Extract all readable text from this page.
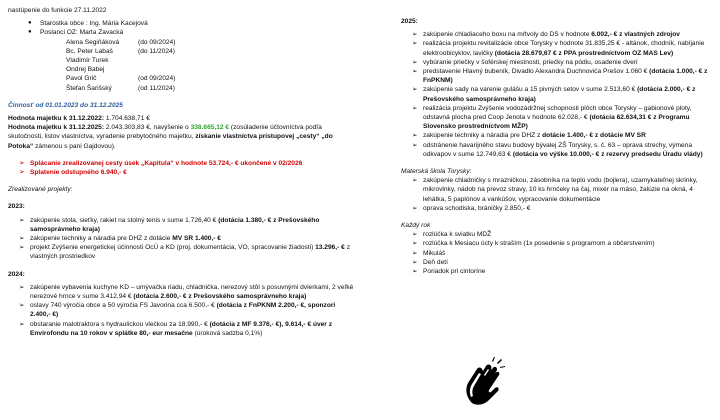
nastúpenie do funkcie 27.11.2022
● Starostka obce : Ing. Mária Kacejová
● Poslanci OZ: Marta Zavacká
Alena Segiňáková	(do 09/2024)
Bc. Peter Labaš	(do 11/2024)
Vladimír Turek
Ondrej Babej
Pavol Grič	(od 09/2024)
Štefan Šarišský	(od 11/2024)
Činnosť od 01.01.2023 do 31.12.2025
Hodnota majetku k 31.12.2022: 1.704.638,71 €
Hodnota majetku k 31.12.2025: 2.043.303,83 €, navýšenie o 338.665,12 € (zosúladenie účtovníctva podľa skutočnosti, listov vlastníctva, vyradenie prebytočného majetku, získanie vlastníctva prístupovej „cesty“ „do Potoka“ zámenou s pani Gajdovou).
➢ Splácanie zrealizovanej cesty úsek „Kapitula“ v hodnote 53.724,- € ukončené v 02/2026
➢ Splatenie odstupného 6.940,- €
Zrealizované projekty:
2023:
➢ zakúpenie stola, sieťky, rakiet na stolný tenis v sume 1.726,40 € (dotácia 1.380,- € z Prešovského samosprávneho kraja)
➢ zakúpenie techniky a náradia pre DHZ z dotácie MV SR 1.400,- €
➢ projekt Zvýšenie energetickej účinnosti OcÚ a KD (proj. dokumentácia, VO, spracovanie žiadosti) 13.296,- € z vlastných prostriedkov
2024:
➢ zakúpenie vybavenia kuchyne KD – umývačka riadu, chladnička, nerezový stôl s posuvnými dvierkami, 2 veľké nerezové hrnce v sume 3.412,94 € (dotácia 2.600,- € z Prešovského samosprávneho kraja)
➢ oslavy 740 výročia obce a 50 výročia FS Javorina cca 6.500,- € (dotácia z FnPKNM 2.200,- €, sponzori 2.400,- €)
➢ obstaranie malotraktora s hydraulickou vlečkou za 18.990,- € (dotácia z MF 9.376,- €), 9.614,- € úver z Envirofondu na 10 rokov v splátke 80,- eur mesačne (úroková sadzba 0,1%)
2025:
➢ zakúpenie chladiaceho boxu na mŕtvoly do DS v hodnote 6.002,- € z vlastných zdrojov
➢ realizácia projektu revitalizácie obce Torysky v hodnote 31.835,25 € - altánok, chodník, nabíjanie elektroobicyklov, lavičky (dotácia 28.679,67 € z PPA prostredníctvom OZ MAS Lev)
➢ vybúranie priečky v šoférskej miestnosti, priečky na pódiu, osadenie dverí
➢ predstavenie Hlavný bubeník, Divadlo Alexandra Duchnovića Prešov 1.060 € (dotácia 1.000,- € z FnPKNM)
➢ zakúpenie sady na varenie gulášu a 15 pivných setov v sume 2.513,60 € (dotácia 2.000,- € z Prešovského samosprávneho kraja)
➢ realizácia projektu Zvýšenie vodozádržnej schopnosti plôch obce Torysky – gabionové ploty, odstavná plocha pred Coop Jenota v hodnote 62.028,- € (dotácia 62.634,31 € z Programu Slovensko prostredníctvom MŽP)
➢ zakúpenie techniky a náradia pre DHZ z dotácie 1.400,- € z dotácie MV SR
➢ odstránenie havarijného stavu budovy bývalej ZŠ Torysky, s. č. 63 – oprava strechy, výmena odkvapov v sume 12.749,63 € (dotácia vo výške 10.000,- € z rezervy predsedu Úradu vlády)
Materská škola Torysky:
➢ zakúpenie chladničky s mrazničkou, zásobníka na teplú vodu (bojlera), uzamykateľnej skrinky, mikrovlnky, nádob na prevoz stravy, 10 ks hrnčeky na čaj, mixér na máso, žalúzie na okná, 4 lehátka, 5 paplónov a vankúšov, vypracovanie dokumentácie
➢ oprava schodiska, bráničky 2.850,- €
Každý rok
➢ rozlúčka k sviatku MDŽ
➢ rozlúčka k Mesiacu úcty k straším (1x posedenie s programom a občerstvením)
➢ Mikuláš
➢ Deň detí
➢ Poriadok pri cintoríne
